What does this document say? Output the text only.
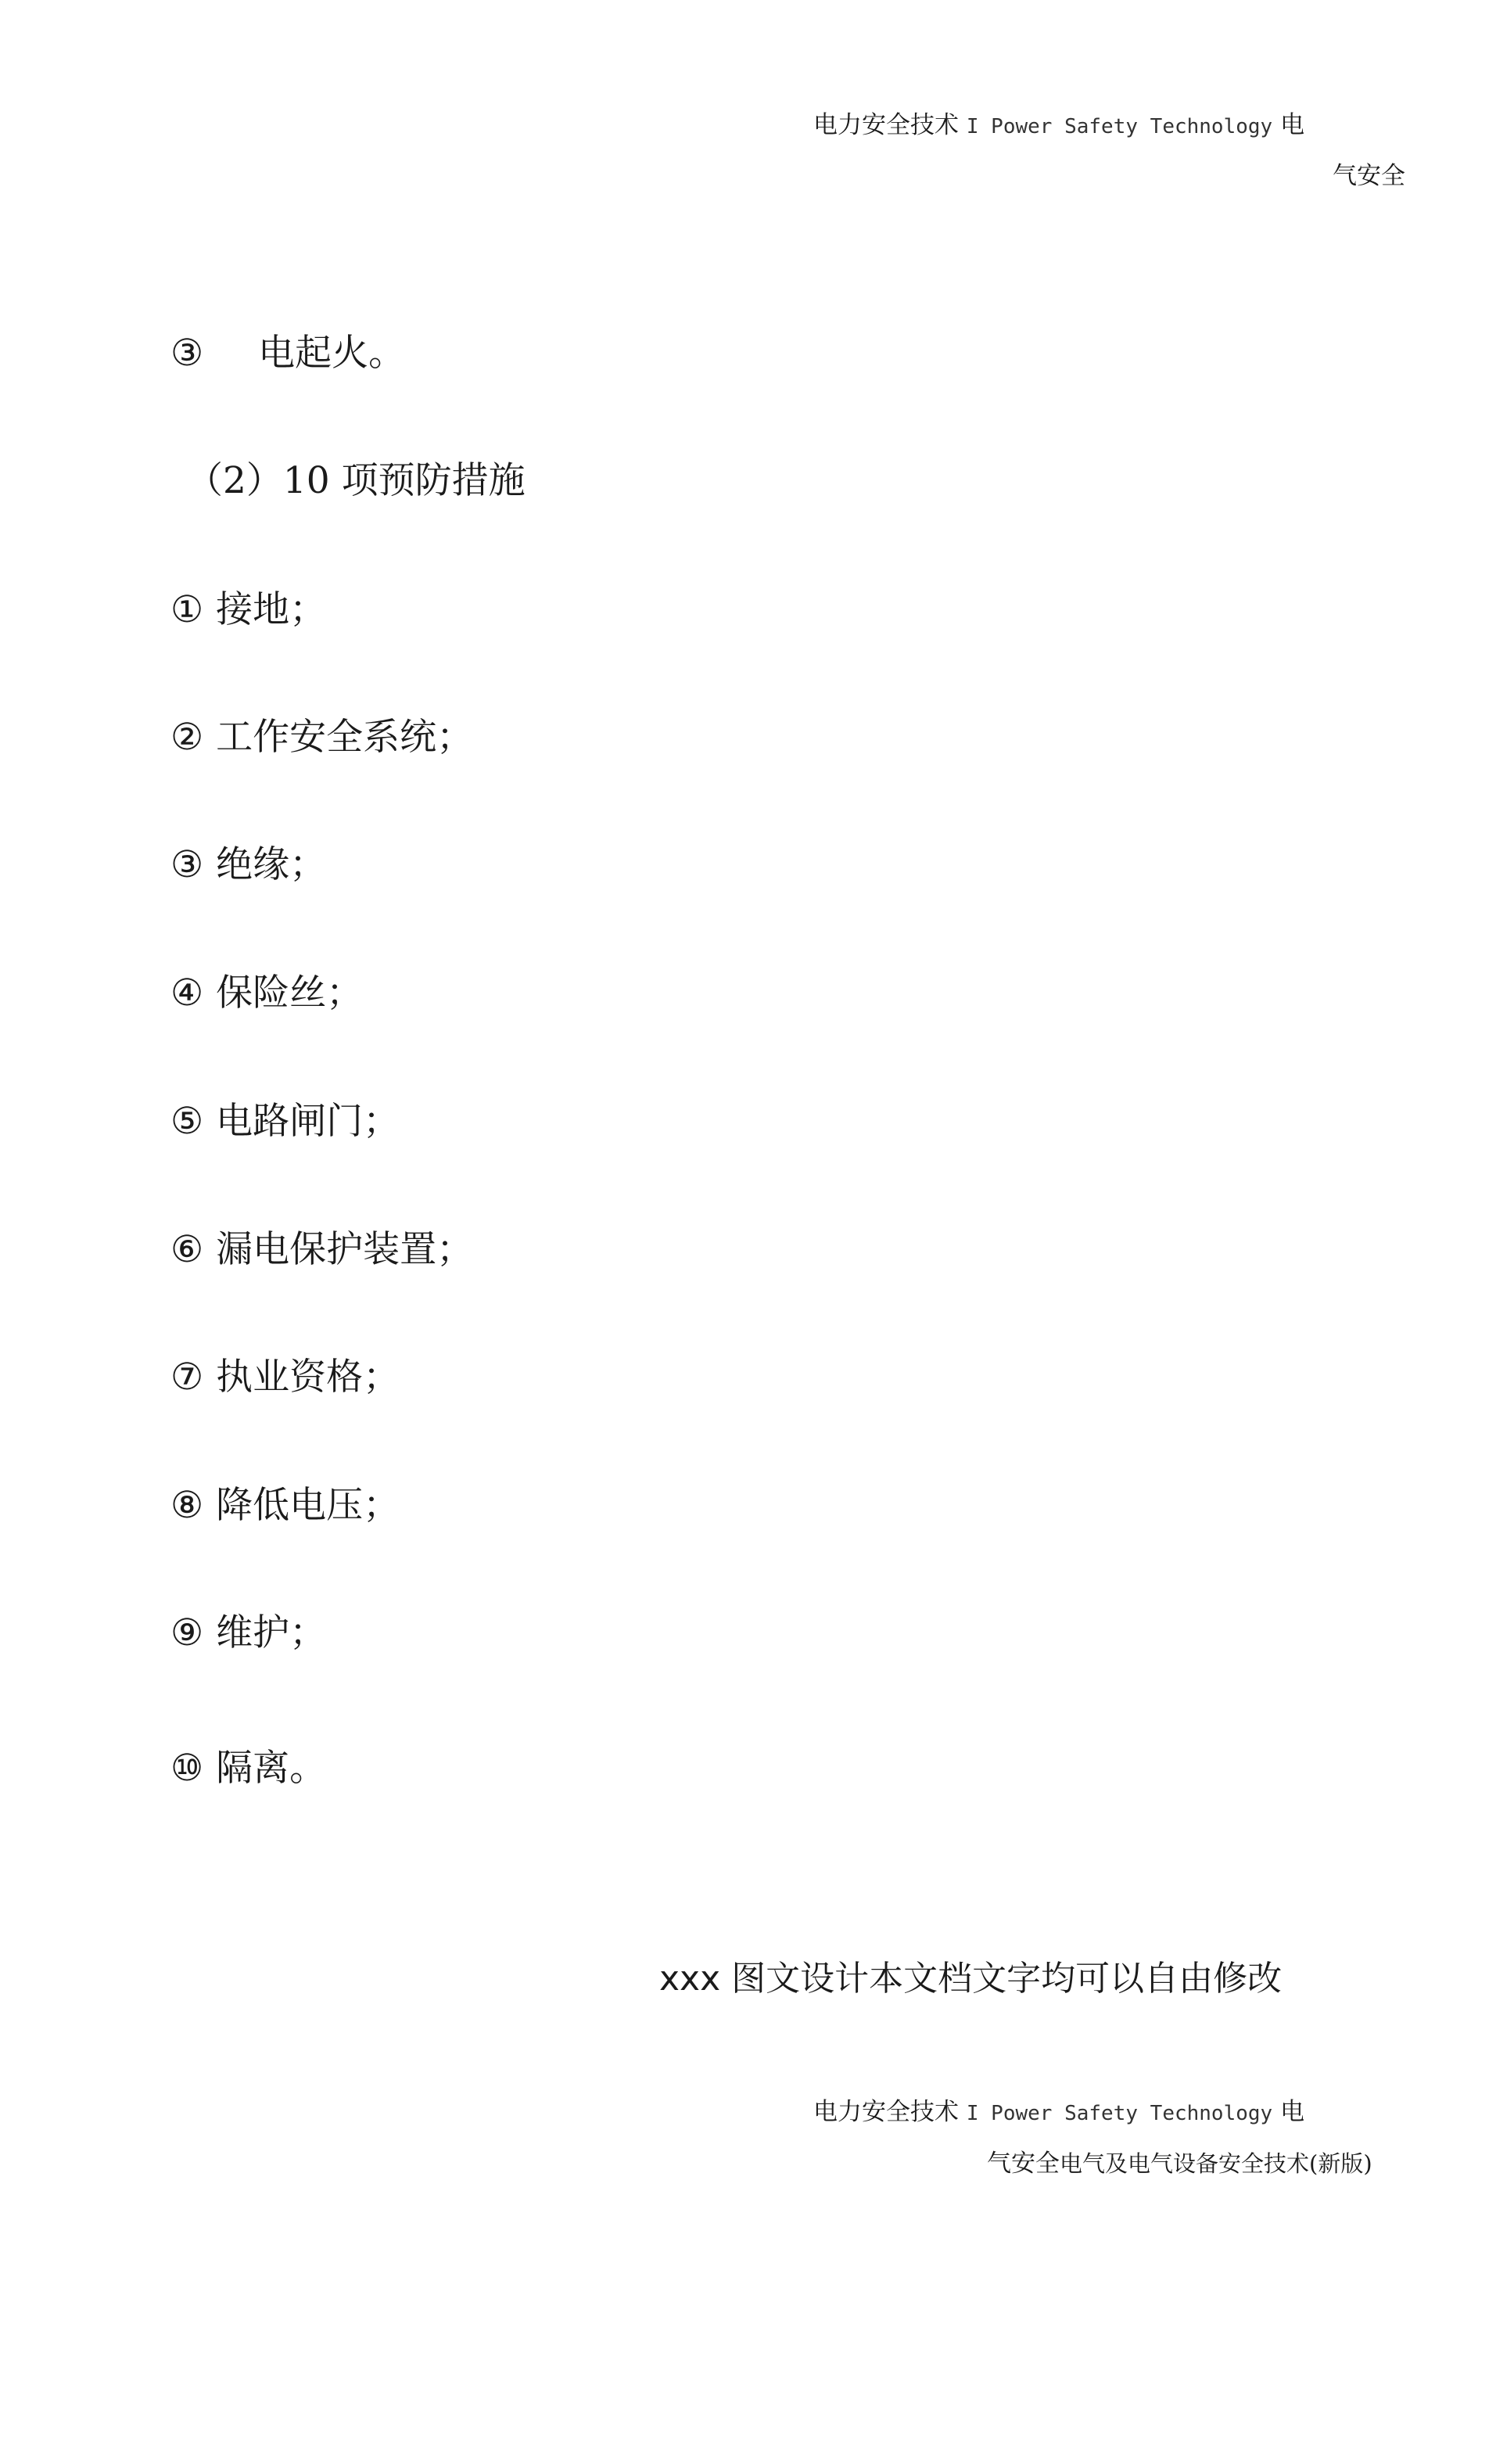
电力安全技术 I Power Safety Technology 电
气安全
③ 电起火。
（2）10 项预防措施
① 接地；
② 工作安全系统；
③ 绝缘；
④ 保险丝；
⑤ 电路闸门；
⑥ 漏电保护装置；
⑦ 执业资格；
⑧ 降低电压；
⑨ 维护；
⑩ 隔离。
xxx 图文设计本文档文字均可以自由修改
电力安全技术 I Power Safety Technology 电
气安全电气及电气设备安全技术(新版)
